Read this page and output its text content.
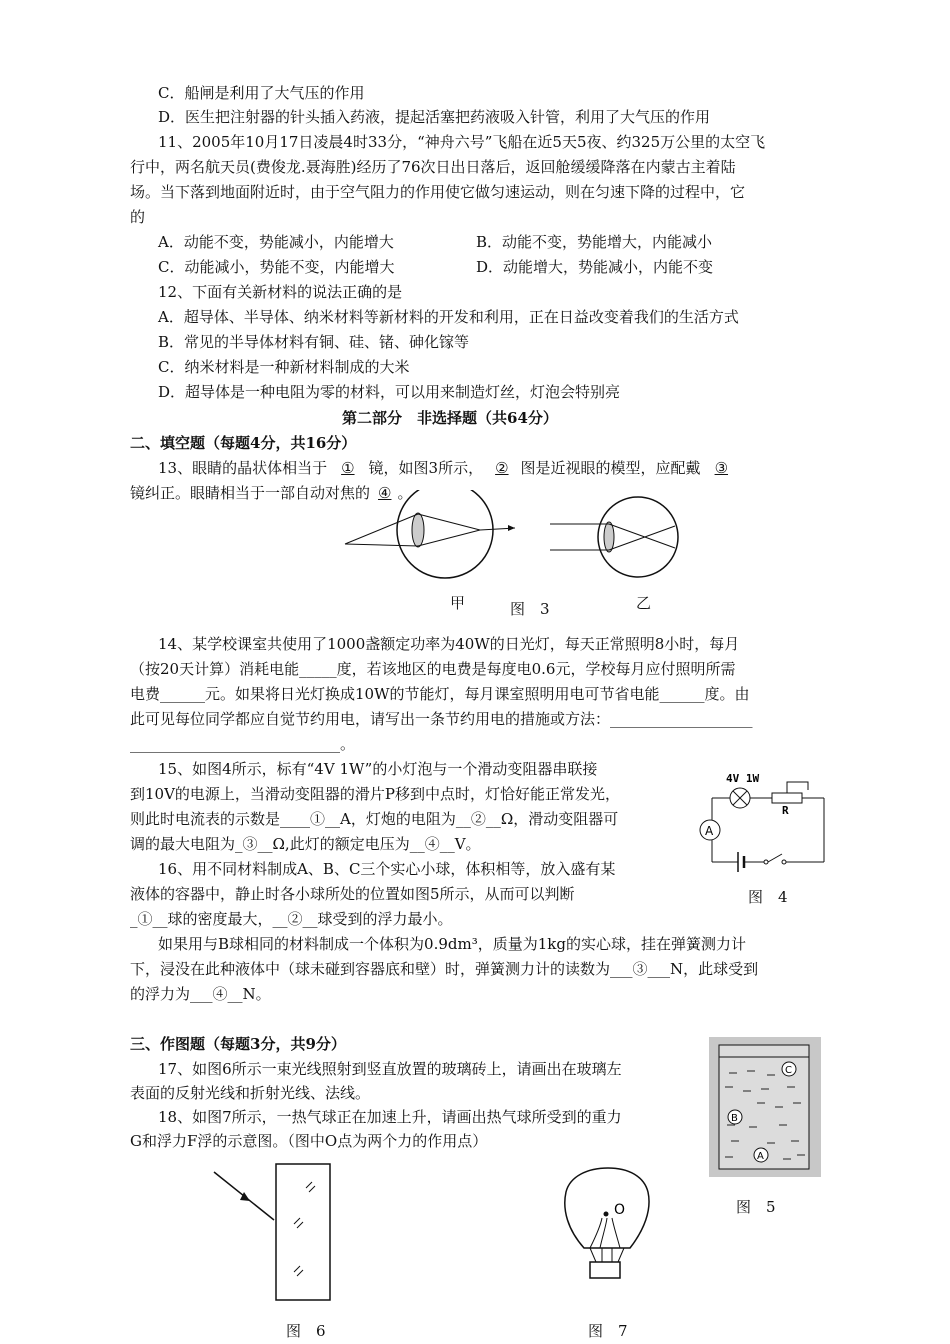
C．船闸是利用了大气压的作用
D．医生把注射器的针头插入药液，提起活塞把药液吸入针管，利用了大气压的作用
11、2005年10月17日凌晨4时33分，“神舟六号”飞船在近5天5夜、约325万公里的太空飞
行中，两名航天员(费俊龙.聂海胜)经历了76次日出日落后，返回舱缓缓降落在内蒙古主着陆
场。当下落到地面附近时，由于空气阻力的作用使它做匀速运动，则在匀速下降的过程中，它
的
A．动能不变，势能减小，内能增大	B．动能不变，势能增大，内能减小
C．动能减小，势能不变，内能增大	D．动能增大，势能减小，内能不变
12、下面有关新材料的说法正确的是
A．超导体、半导体、纳米材料等新材料的开发和利用，正在日益改变着我们的生活方式
B．常见的半导体材料有铜、硅、锗、砷化镓等
C．纳米材料是一种新材料制成的大米
D．超导体是一种电阻为零的材料，可以用来制造灯丝，灯泡会特别亮
第二部分　非选择题（共64分）
二、填空题（每题4分，共16分）
13、眼睛的晶状体相当于 ① 镜，如图3所示， ② 图是近视眼的模型，应配戴 ③
镜纠正。眼睛相当于一部自动对焦的 ④ 。
甲	图　3	乙
14、某学校课室共使用了1000盏额定功率为40W的日光灯，每天正常照明8小时，每月
（按20天计算）消耗电能_____度，若该地区的电费是每度电0.6元，学校每月应付照明所需
电费______元。如果将日光灯换成10W的节能灯，每月课室照明用电可节省电能______度。由
此可见每位同学都应自觉节约用电，请写出一条节约用电的措施或方法：___________________
____________________________。
15、如图4所示，标有“4V 1W”的小灯泡与一个滑动变阻器串联接
到10V的电源上，当滑动变阻器的滑片P移到中点时，灯恰好能正常发光，
则此时电流表的示数是____①__A，灯炮的电阻为__②__Ω，滑动变阻器可
调的最大电阻为_③__Ω,此灯的额定电压为__④__V。
4V 1W
R
A
图　4
16、用不同材料制成A、B、C三个实心小球，体积相等，放入盛有某
液体的容器中，静止时各小球所处的位置如图5所示，从而可以判断
_①__球的密度最大，__②__球受到的浮力最小。
如果用与B球相同的材料制成一个体积为0.9dm³，质量为1kg的实心球，挂在弹簧测力计
下，浸没在此种液体中（球未碰到容器底和壁）时，弹簧测力计的读数为___③___N，此球受到
的浮力为___④__N。
三、作图题（每题3分，共9分）
17、如图6所示一束光线照射到竖直放置的玻璃砖上，请画出在玻璃左
表面的反射光线和折射光线、法线。
18、如图7所示，一热气球正在加速上升，请画出热气球所受到的重力
G和浮力F浮的示意图。（图中O点为两个力的作用点）
C
B
A
图　5
图　6
O
图　7
